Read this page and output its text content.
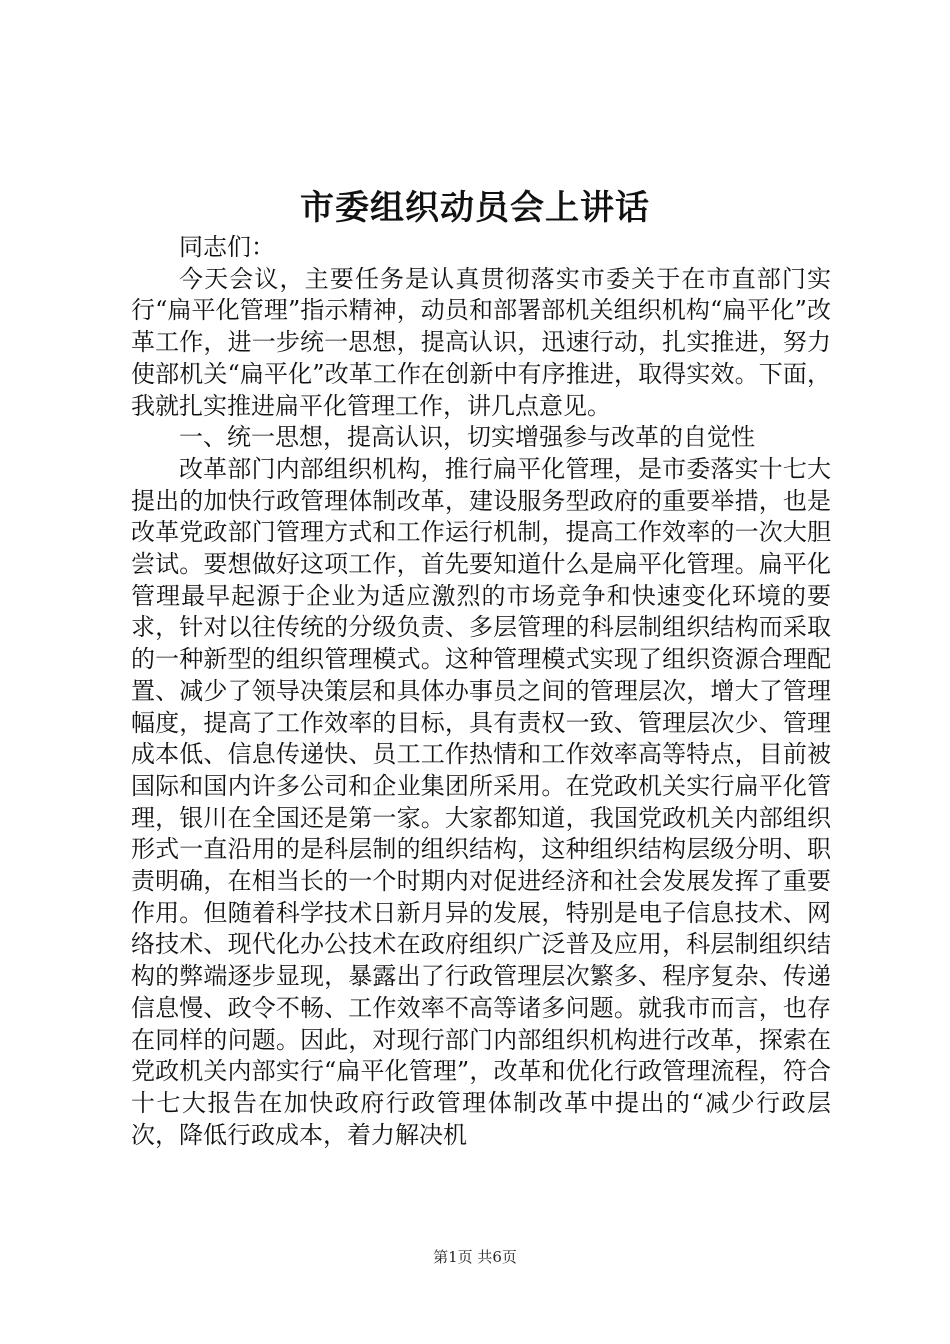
市委组织动员会上讲话

同志们：

今天会议，主要任务是认真贯彻落实市委关于在市直部门实行“扁平化管理”指示精神，动员和部署部机关组织机构“扁平化”改革工作，进一步统一思想，提高认识，迅速行动，扎实推进，努力使部机关“扁平化”改革工作在创新中有序推进，取得实效。下面，我就扎实推进扁平化管理工作，讲几点意见。

一、统一思想，提高认识，切实增强参与改革的自觉性

改革部门内部组织机构，推行扁平化管理，是市委落实十七大提出的加快行政管理体制改革，建设服务型政府的重要举措，也是改革党政部门管理方式和工作运行机制，提高工作效率的一次大胆尝试。要想做好这项工作，首先要知道什么是扁平化管理。扁平化管理最早起源于企业为适应激烈的市场竞争和快速变化环境的要求，针对以往传统的分级负责、多层管理的科层制组织结构而采取的一种新型的组织管理模式。这种管理模式实现了组织资源合理配置、减少了领导决策层和具体办事员之间的管理层次，增大了管理幅度，提高了工作效率的目标，具有责权一致、管理层次少、管理成本低、信息传递快、员工工作热情和工作效率高等特点，目前被国际和国内许多公司和企业集团所采用。在党政机关实行扁平化管理，银川在全国还是第一家。大家都知道，我国党政机关内部组织形式一直沿用的是科层制的组织结构，这种组织结构层级分明、职责明确，在相当长的一个时期内对促进经济和社会发展发挥了重要作用。但随着科学技术日新月异的发展，特别是电子信息技术、网络技术、现代化办公技术在政府组织广泛普及应用，科层制组织结构的弊端逐步显现，暴露出了行政管理层次繁多、程序复杂、传递信息慢、政令不畅、工作效率不高等诸多问题。就我市而言，也存在同样的问题。因此，对现行部门内部组织机构进行改革，探索在党政机关内部实行“扁平化管理”，改革和优化行政管理流程，符合十七大报告在加快政府行政管理体制改革中提出的“减少行政层次，降低行政成本，着力解决机

第1页 共6页
